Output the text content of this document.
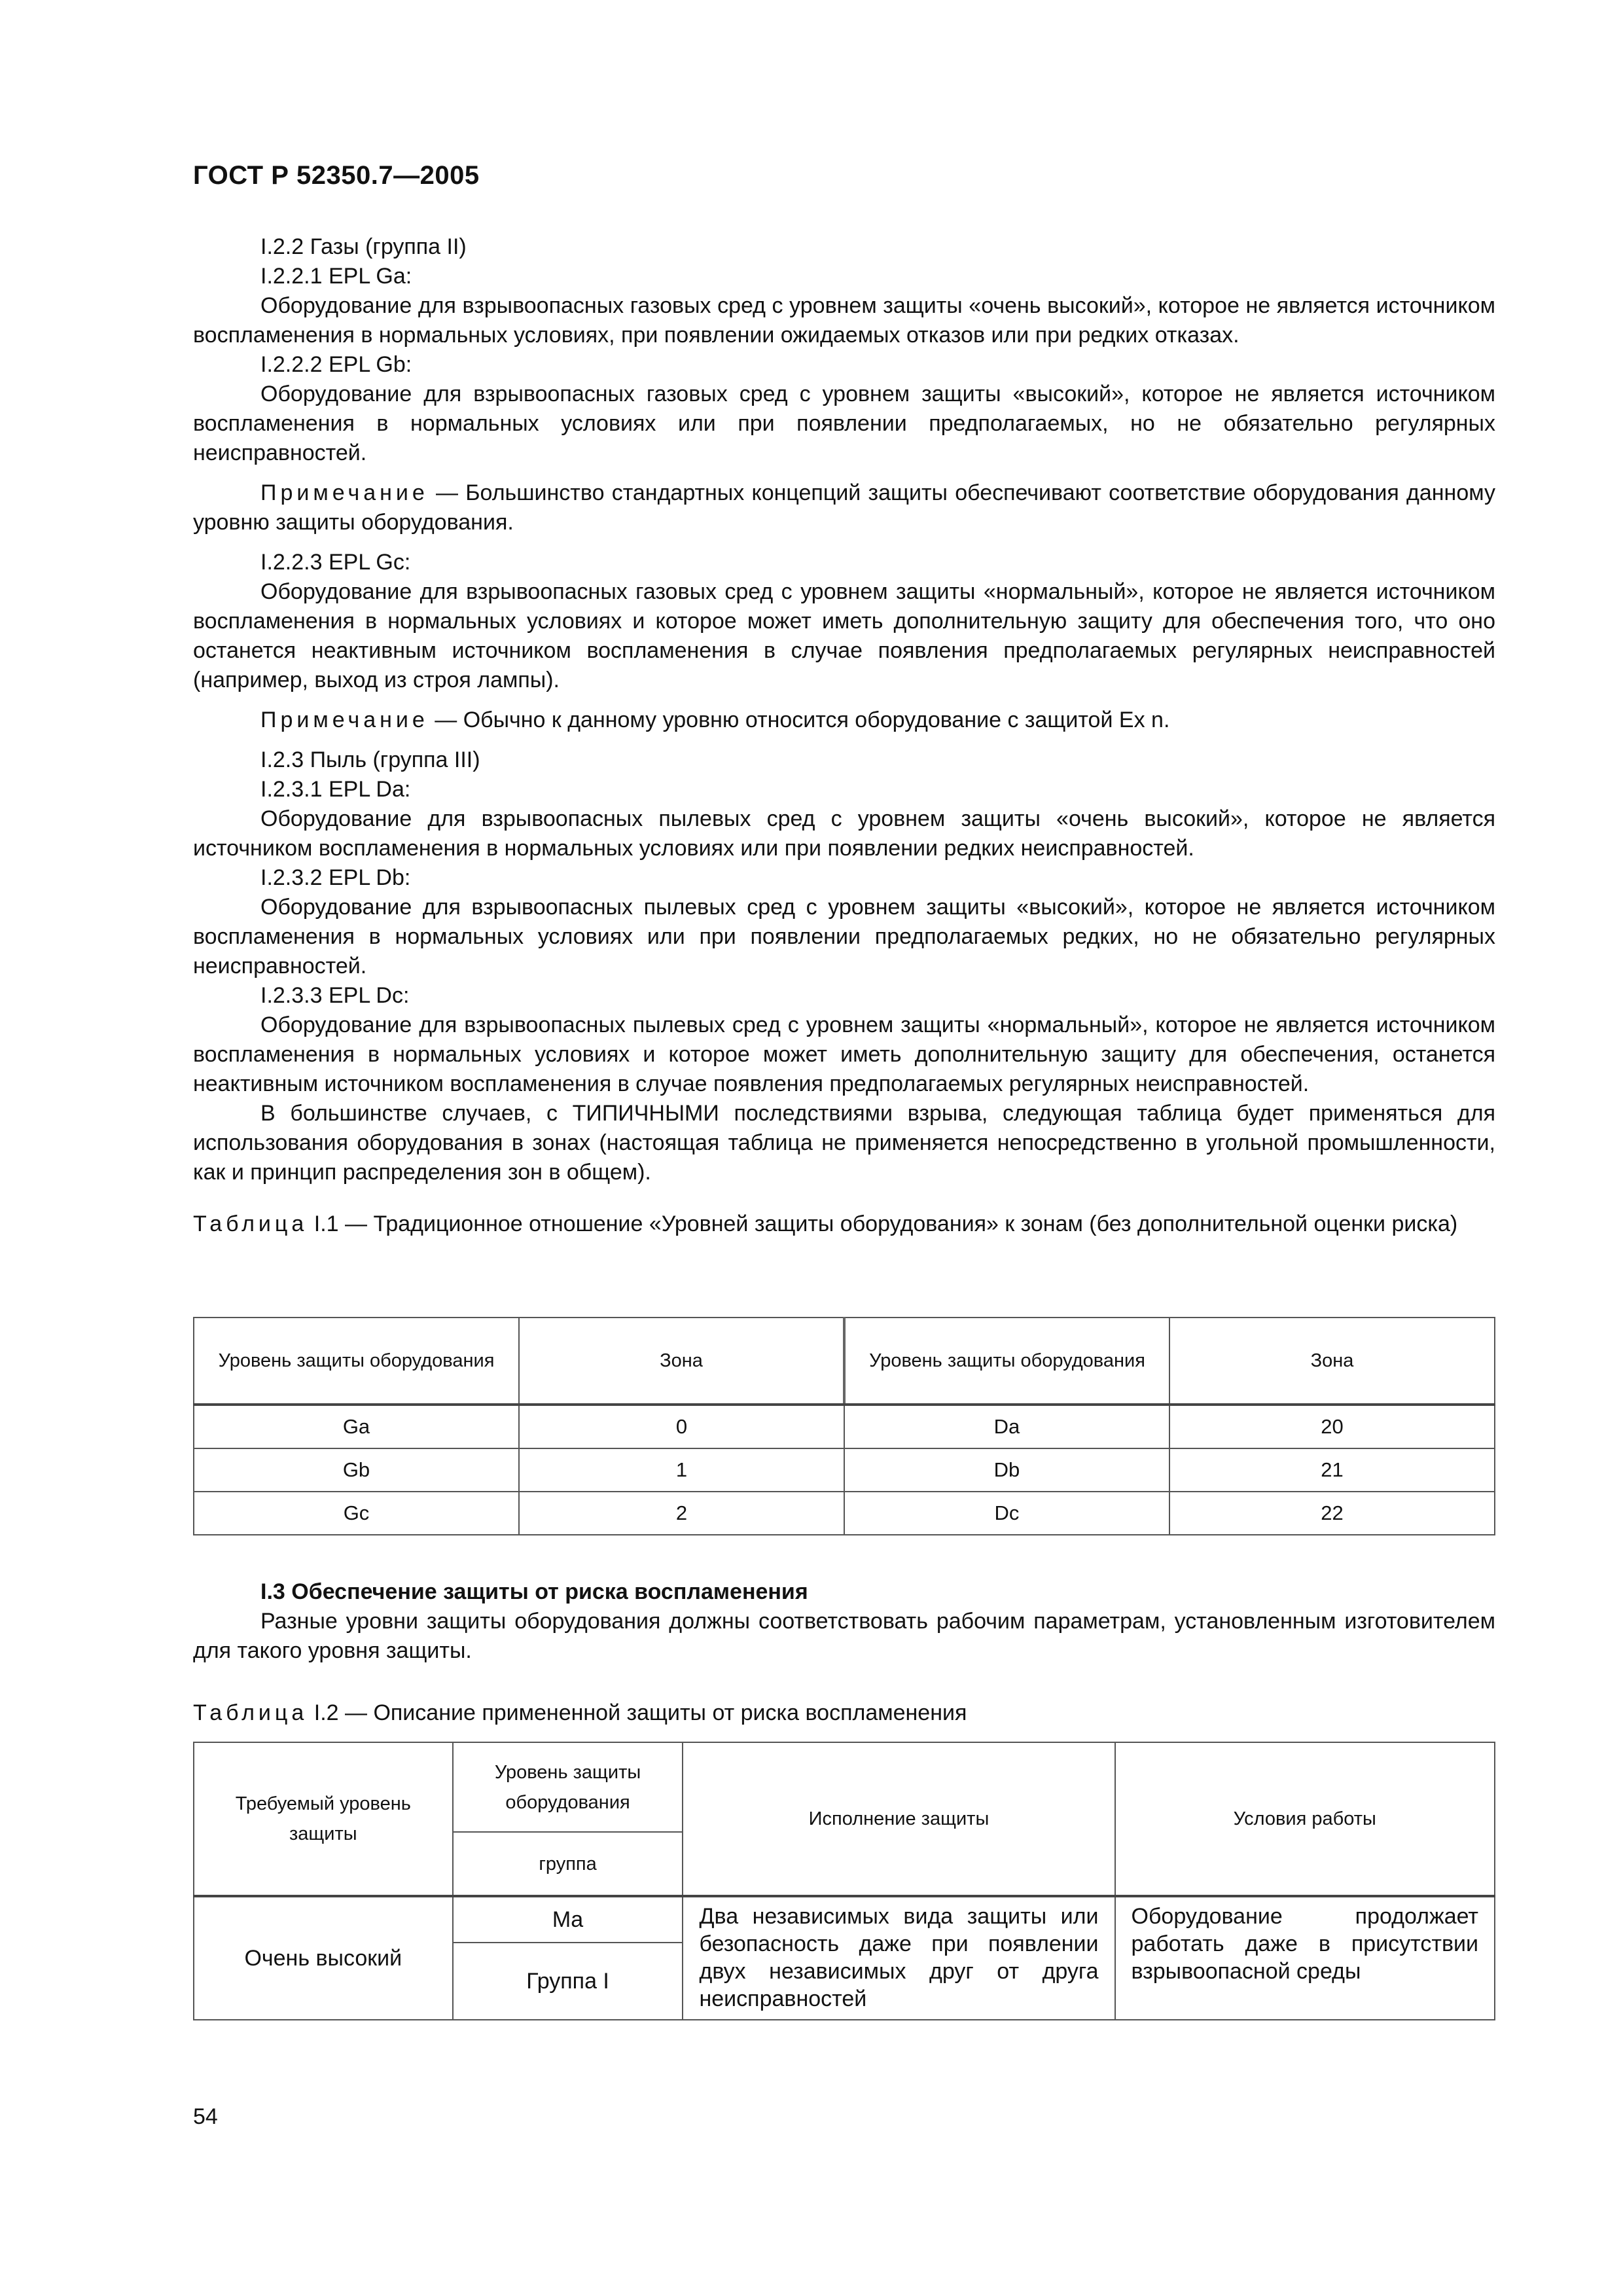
ГОСТ Р 52350.7—2005

I.2.2 Газы (группа II)

I.2.2.1 EPL Ga:

Оборудование для взрывоопасных газовых сред с уровнем защиты «очень высокий», которое не является источником воспламенения в нормальных условиях, при появлении ожидаемых отказов или при редких отказах.

I.2.2.2 EPL Gb:

Оборудование для взрывоопасных газовых сред с уровнем защиты «высокий», которое не является источником воспламенения в нормальных условиях или при появлении предполагаемых, но не обязательно регулярных неисправностей.

Примечание — Большинство стандартных концепций защиты обеспечивают соответствие оборудования данному уровню защиты оборудования.

I.2.2.3 EPL Gc:

Оборудование для взрывоопасных газовых сред с уровнем защиты «нормальный», которое не является источником воспламенения в нормальных условиях и которое может иметь дополнительную защиту для обеспечения того, что оно останется неактивным источником воспламенения в случае появления предполагаемых регулярных неисправностей (например, выход из строя лампы).

Примечание — Обычно к данному уровню относится оборудование с защитой Ex n.

I.2.3 Пыль (группа III)

I.2.3.1 EPL Da:

Оборудование для взрывоопасных пылевых сред с уровнем защиты «очень высокий», которое не является источником воспламенения в нормальных условиях или при появлении редких неисправностей.

I.2.3.2 EPL Db:

Оборудование для взрывоопасных пылевых сред с уровнем защиты «высокий», которое не является источником воспламенения в нормальных условиях или при появлении предполагаемых редких, но не обязательно регулярных неисправностей.

I.2.3.3 EPL Dc:

Оборудование для взрывоопасных пылевых сред с уровнем защиты «нормальный», которое не является источником воспламенения в нормальных условиях и которое может иметь дополнительную защиту для обеспечения, останется неактивным источником воспламенения в случае появления предполагаемых регулярных неисправностей.

В большинстве случаев, с ТИПИЧНЫМИ последствиями взрыва, следующая таблица будет применяться для использования оборудования в зонах (настоящая таблица не применяется непосредственно в угольной промышленности, как и принцип распределения зон в общем).

Таблица I.1 — Традиционное отношение «Уровней защиты оборудования» к зонам (без дополнительной оценки риска)

Уровень защиты оборудования	Зона	Уровень защиты оборудования	Зона
Ga	0	Da	20
Gb	1	Db	21
Gc	2	Dc	22

I.3 Обеспечение защиты от риска воспламенения

Разные уровни защиты оборудования должны соответствовать рабочим параметрам, установленным изготовителем для такого уровня защиты.

Таблица I.2 — Описание примененной защиты от риска воспламенения
Требуемый уровень защиты	Уровень защиты оборудования	Исполнение защиты	Условия работы
	группа		
Очень высокий	Ma	Два независимых вида защиты или безопасность даже при появлении двух независимых друг от друга неисправностей	Оборудование продолжает работать даже в присутствии взрывоопасной среды
	Группа I		
54
